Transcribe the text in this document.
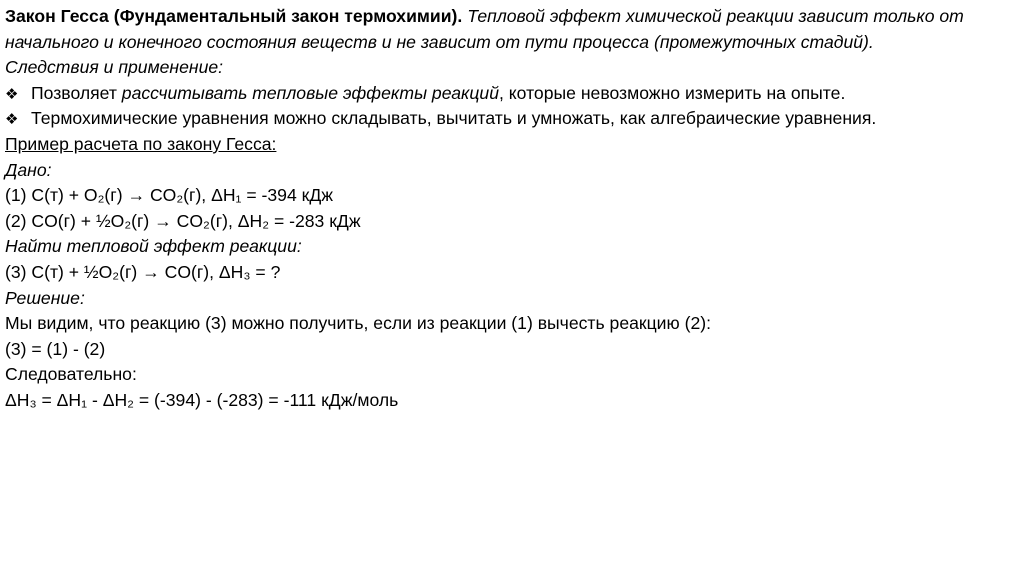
Закон Гесса (Фундаментальный закон термохимии). Тепловой эффект химической реакции зависит только от начального и конечного состояния веществ и не зависит от пути процесса (промежуточных стадий).
Следствия и применение:
❖ Позволяет рассчитывать тепловые эффекты реакций, которые невозможно измерить на опыте.
❖ Термохимические уравнения можно складывать, вычитать и умножать, как алгебраические уравнения.
Пример расчета по закону Гесса:
Дано:
(1) С(т) + O₂(г) → CO₂(г), ΔH₁ = -394 кДж
(2) СO(г) + ½O₂(г) → CO₂(г), ΔH₂ = -283 кДж
Найти тепловой эффект реакции:
(3) С(т) + ½O₂(г) → CO(г), ΔH₃ = ?
Решение:
Мы видим, что реакцию (3) можно получить, если из реакции (1) вычесть реакцию (2):
(3) = (1) - (2)
Следовательно:
ΔH₃ = ΔH₁ - ΔH₂ = (-394) - (-283) = -111 кДж/моль
